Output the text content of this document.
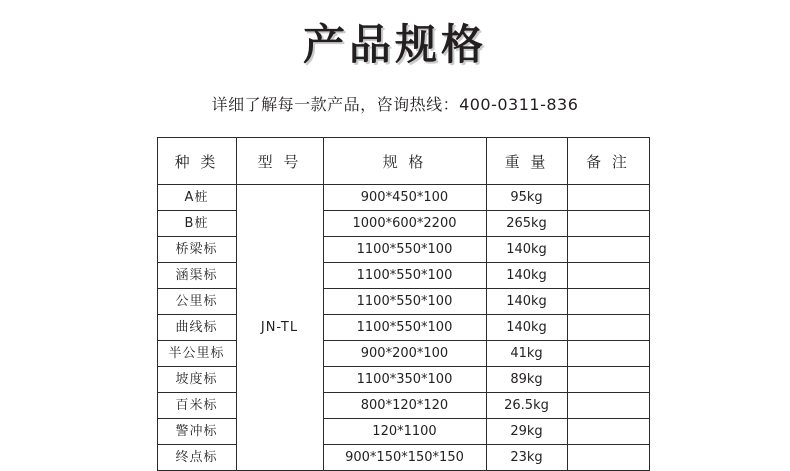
产品规格
详细了解每一款产品，咨询热线：400-0311-836
种 类	型 号	规 格	重 量	备 注
A桩	JN-TL	900*450*100	95kg	
B桩		1000*600*2200	265kg	
桥梁标		1100*550*100	140kg	
涵渠标		1100*550*100	140kg	
公里标		1100*550*100	140kg	
曲线标		1100*550*100	140kg	
半公里标		900*200*100	41kg	
坡度标		1100*350*100	89kg	
百米标		800*120*120	26.5kg	
警冲标		120*1100	29kg	
终点标		900*150*150*150	23kg	
